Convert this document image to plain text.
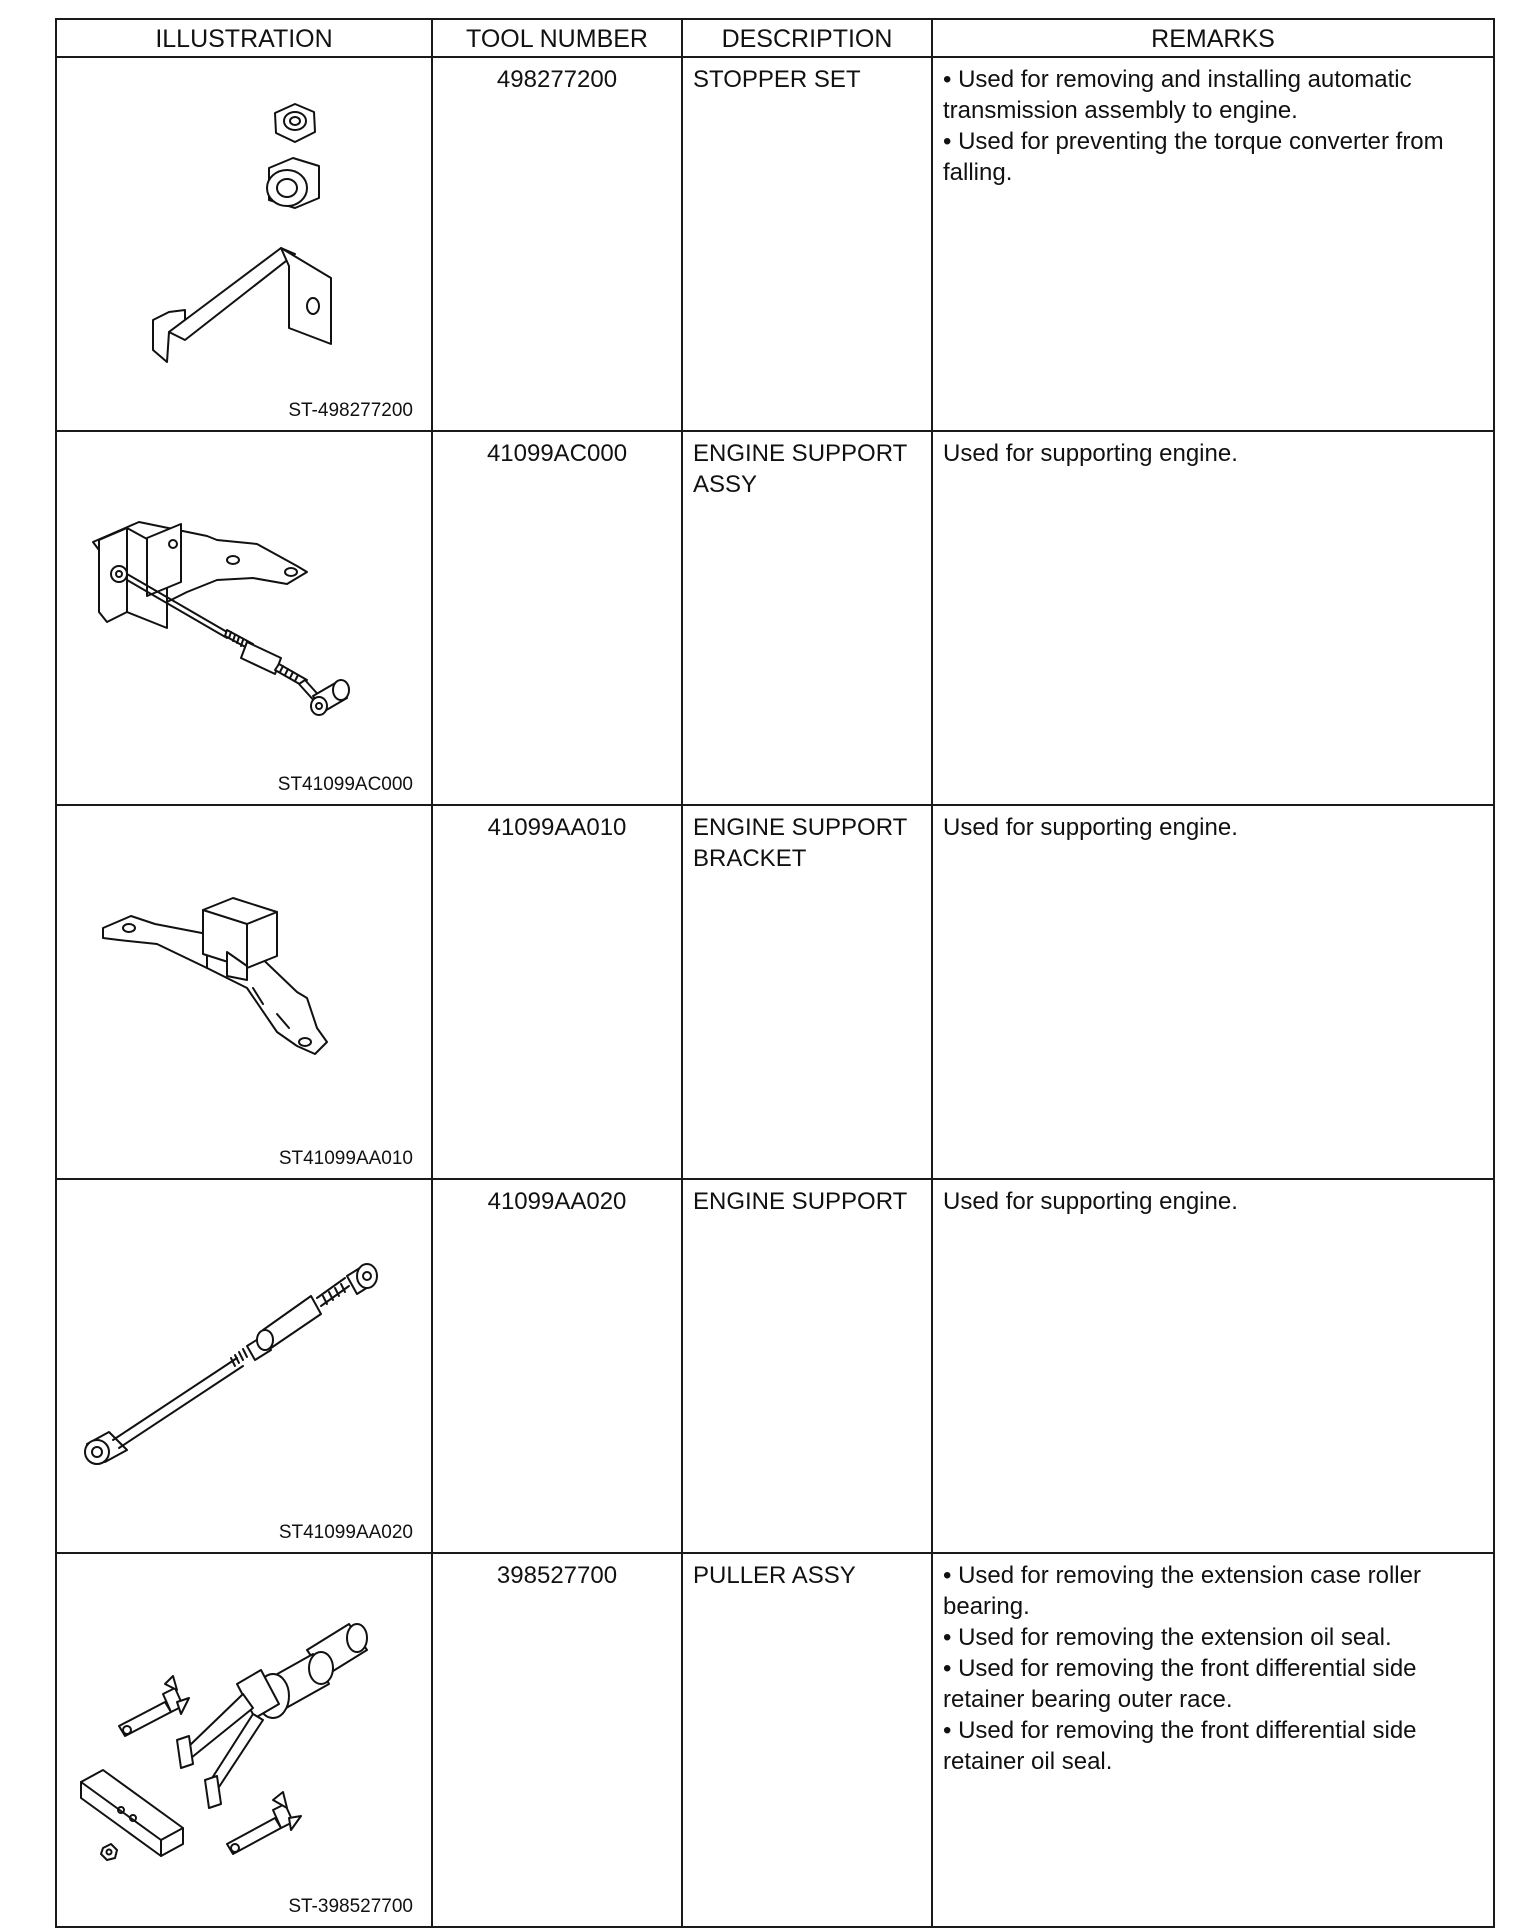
ILLUSTRATION	TOOL NUMBER	DESCRIPTION	REMARKS

ST-498277200	498277200	STOPPER SET	• Used for removing and installing automatic transmission assembly to engine.
• Used for preventing the torque converter from falling.

ST41099AC000	41099AC000	ENGINE SUPPORT ASSY	Used for supporting engine.

ST41099AA010	41099AA010	ENGINE SUPPORT BRACKET	Used for supporting engine.

ST41099AA020	41099AA020	ENGINE SUPPORT	Used for supporting engine.

ST-398527700	398527700	PULLER ASSY	• Used for removing the extension case roller bearing.
• Used for removing the extension oil seal.
• Used for removing the front differential side retainer bearing outer race.
• Used for removing the front differential side retainer oil seal.
